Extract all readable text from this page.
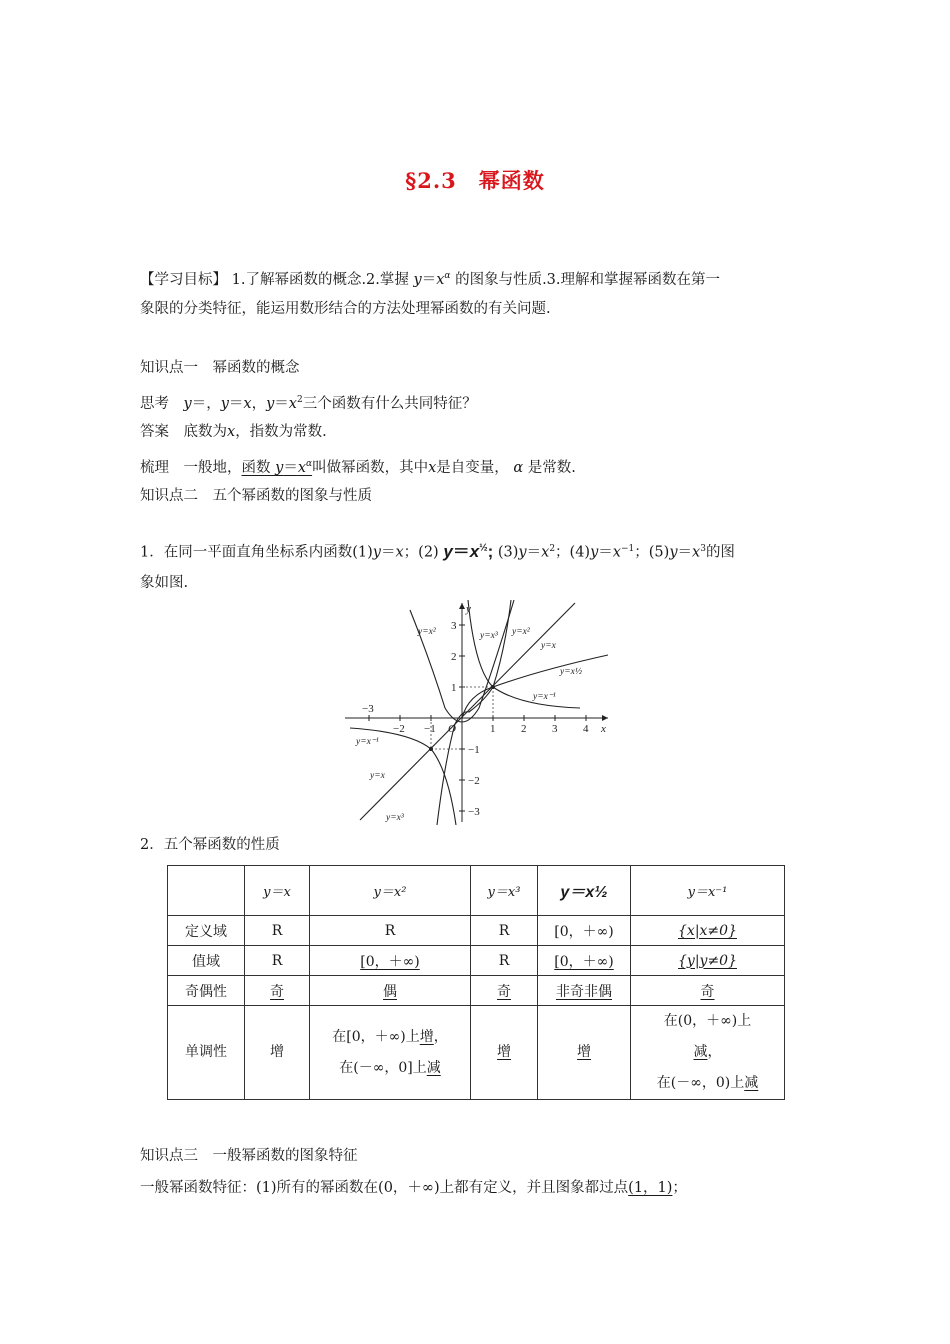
§2.3　幂函数
【学习目标】 1.了解幂函数的概念.2.掌握 $y=x^\alpha$ 的图象与性质.3.理解和掌握幂函数在第一
象限的分类特征，能运用数形结合的方法处理幂函数的有关问题.
知识点一　幂函数的概念
思考　 y＝，y＝x，$y=x^2$三个函数有什么共同特征？
答案　 底数为x，指数为常数.
梳理　 一般地，函数 $y=x^\alpha$叫做幂函数，其中x是自变量， α 是常数.
知识点二　五个幂函数的图象与性质
1．在同一平面直角坐标系内函数(1)y＝x；(2) $y=x^{\frac{1}{2}}$; $(3)y=x^2$；$(4)y=x^{-1}$；$(5)y=x^3$的图
象如图.
y
x
O
−3
−2 −1	1 2 3 4
3
2
1
−1
−2
−3
y=x²	y=x³ y=x²
y=x
y=x½
y=x⁻¹
y=x⁻¹
y=x
y=x³
2．五个幂函数的性质
	y＝x	y＝x²	y＝x³	y＝x½	y＝x⁻¹
定义域	R	R	R	[0，＋∞)	{x|x≠0}
值域	R	[0，＋∞)	R	[0，＋∞)	{y|y≠0}
奇偶性	奇	偶	奇	非奇非偶	奇
单调性	增	在[0，＋∞)上增，
在(－∞，0]上减	增	增	在(0，＋∞)上
减，
在(－∞，0)上减
知识点三　一般幂函数的图象特征
一般幂函数特征：(1)所有的幂函数在(0，＋∞)上都有定义，并且图象都过点(1，1)；
